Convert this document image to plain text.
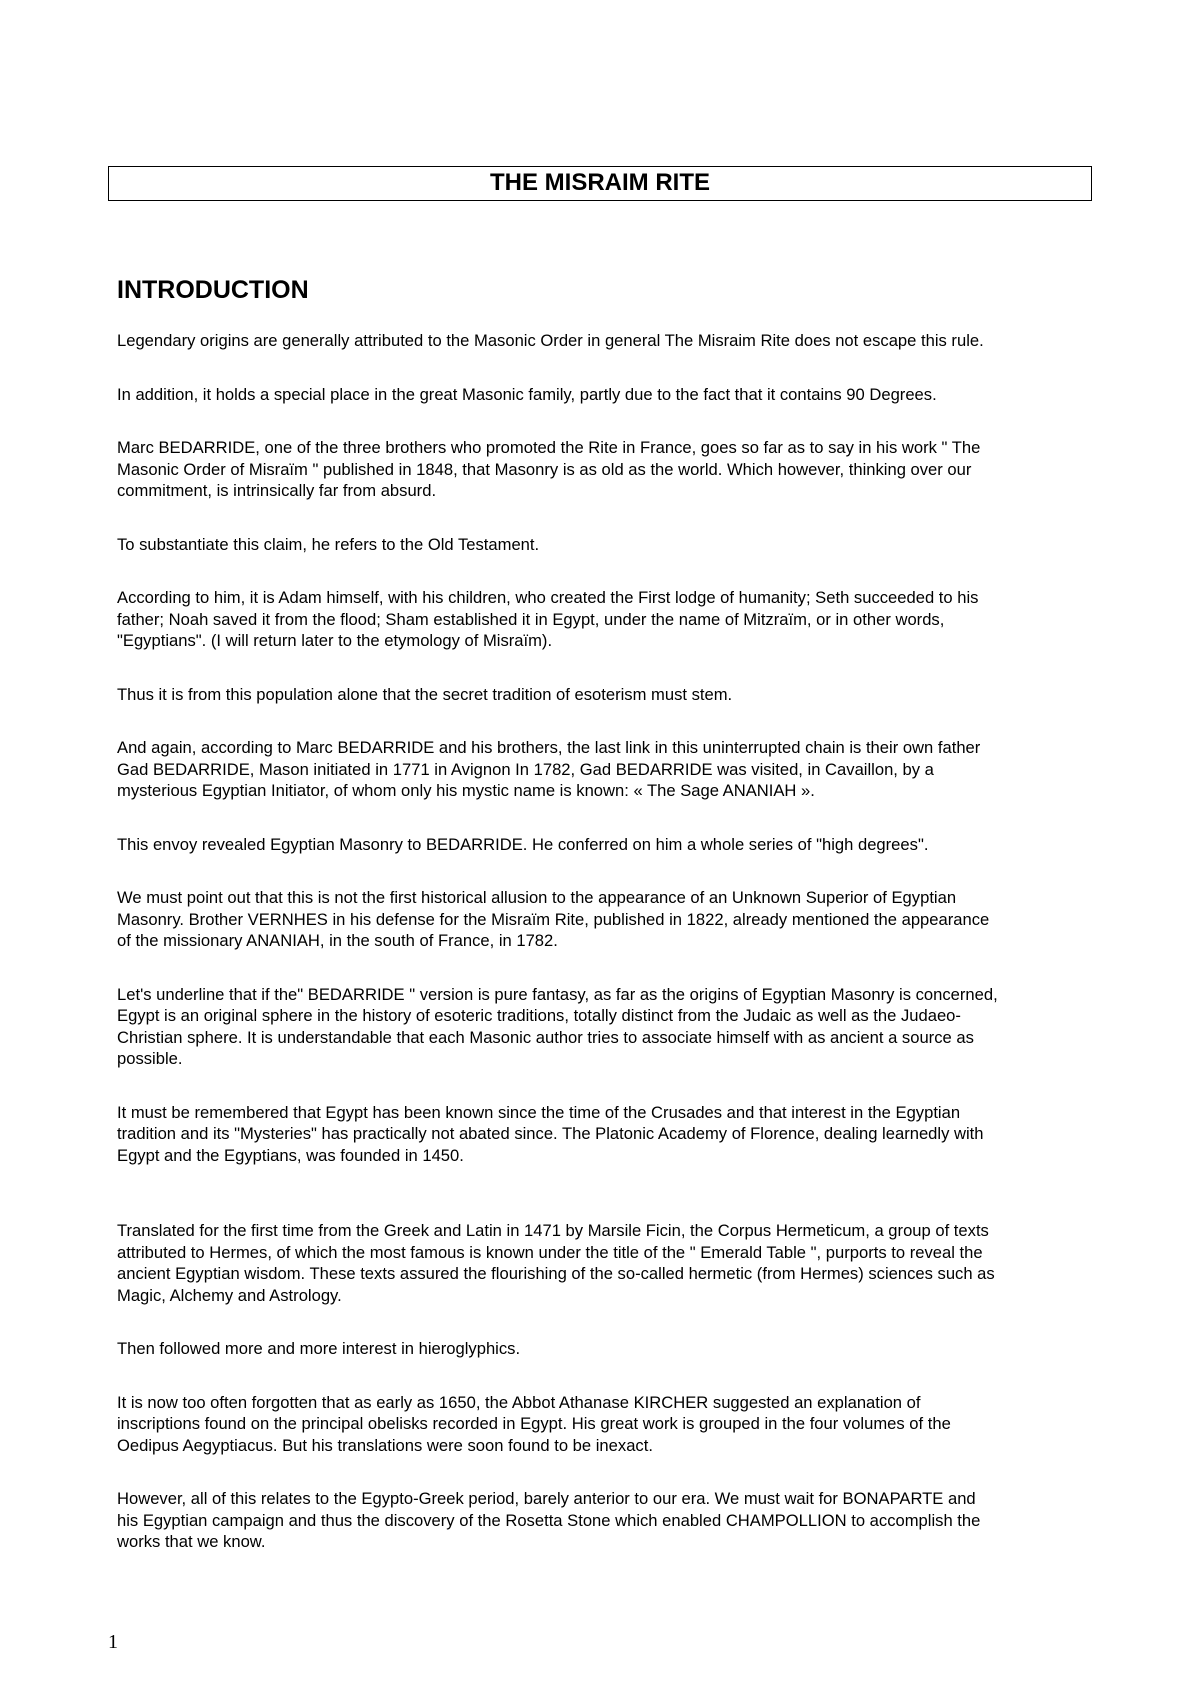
THE MISRAIM RITE
INTRODUCTION

Legendary origins are generally attributed to the Masonic Order in general The Misraim Rite does not escape this rule.

In addition, it holds a special place in the great Masonic family, partly due to the fact that it contains 90 Degrees.

Marc BEDARRIDE, one of the three brothers who promoted the Rite in France, goes so far as to say in his work " The
Masonic Order of Misraïm " published in 1848, that Masonry is as old as the world. Which however, thinking over our
commitment, is intrinsically far from absurd.

To substantiate this claim, he refers to the Old Testament.

According to him, it is Adam himself, with his children, who created the First lodge of humanity; Seth succeeded to his
father; Noah saved it from the flood; Sham established it in Egypt, under the name of Mitzraïm, or in other words,
"Egyptians". (I will return later to the etymology of Misraïm).

Thus it is from this population alone that the secret tradition of esoterism must stem.

And again, according to Marc BEDARRIDE and his brothers, the last link in this uninterrupted chain is their own father
Gad BEDARRIDE, Mason initiated in 1771 in Avignon In 1782, Gad BEDARRIDE was visited, in Cavaillon, by a
mysterious Egyptian Initiator, of whom only his mystic name is known: « The Sage ANANIAH ».

This envoy revealed Egyptian Masonry to BEDARRIDE. He conferred on him a whole series of "high degrees".

We must point out that this is not the first historical allusion to the appearance of an Unknown Superior of Egyptian
Masonry. Brother VERNHES in his defense for the Misraïm Rite, published in 1822, already mentioned the appearance
of the missionary ANANIAH, in the south of France, in 1782.

Let's underline that if the" BEDARRIDE " version is pure fantasy, as far as the origins of Egyptian Masonry is concerned,
Egypt is an original sphere in the history of esoteric traditions, totally distinct from the Judaic as well as the Judaeo-
Christian sphere. It is understandable that each Masonic author tries to associate himself with as ancient a source as
possible.

It must be remembered that Egypt has been known since the time of the Crusades and that interest in the Egyptian
tradition and its "Mysteries" has practically not abated since. The Platonic Academy of Florence, dealing learnedly with
Egypt and the Egyptians, was founded in 1450.

Translated for the first time from the Greek and Latin in 1471 by Marsile Ficin, the Corpus Hermeticum, a group of texts
attributed to Hermes, of which the most famous is known under the title of the " Emerald Table ", purports to reveal the
ancient Egyptian wisdom. These texts assured the flourishing of the so-called hermetic (from Hermes) sciences such as
Magic, Alchemy and Astrology.

Then followed more and more interest in hieroglyphics.

It is now too often forgotten that as early as 1650, the Abbot Athanase KIRCHER suggested an explanation of
inscriptions found on the principal obelisks recorded in Egypt. His great work is grouped in the four volumes of the
Oedipus Aegyptiacus. But his translations were soon found to be inexact.

However, all of this relates to the Egypto-Greek period, barely anterior to our era. We must wait for BONAPARTE and
his Egyptian campaign and thus the discovery of the Rosetta Stone which enabled CHAMPOLLION to accomplish the
works that we know.

1
